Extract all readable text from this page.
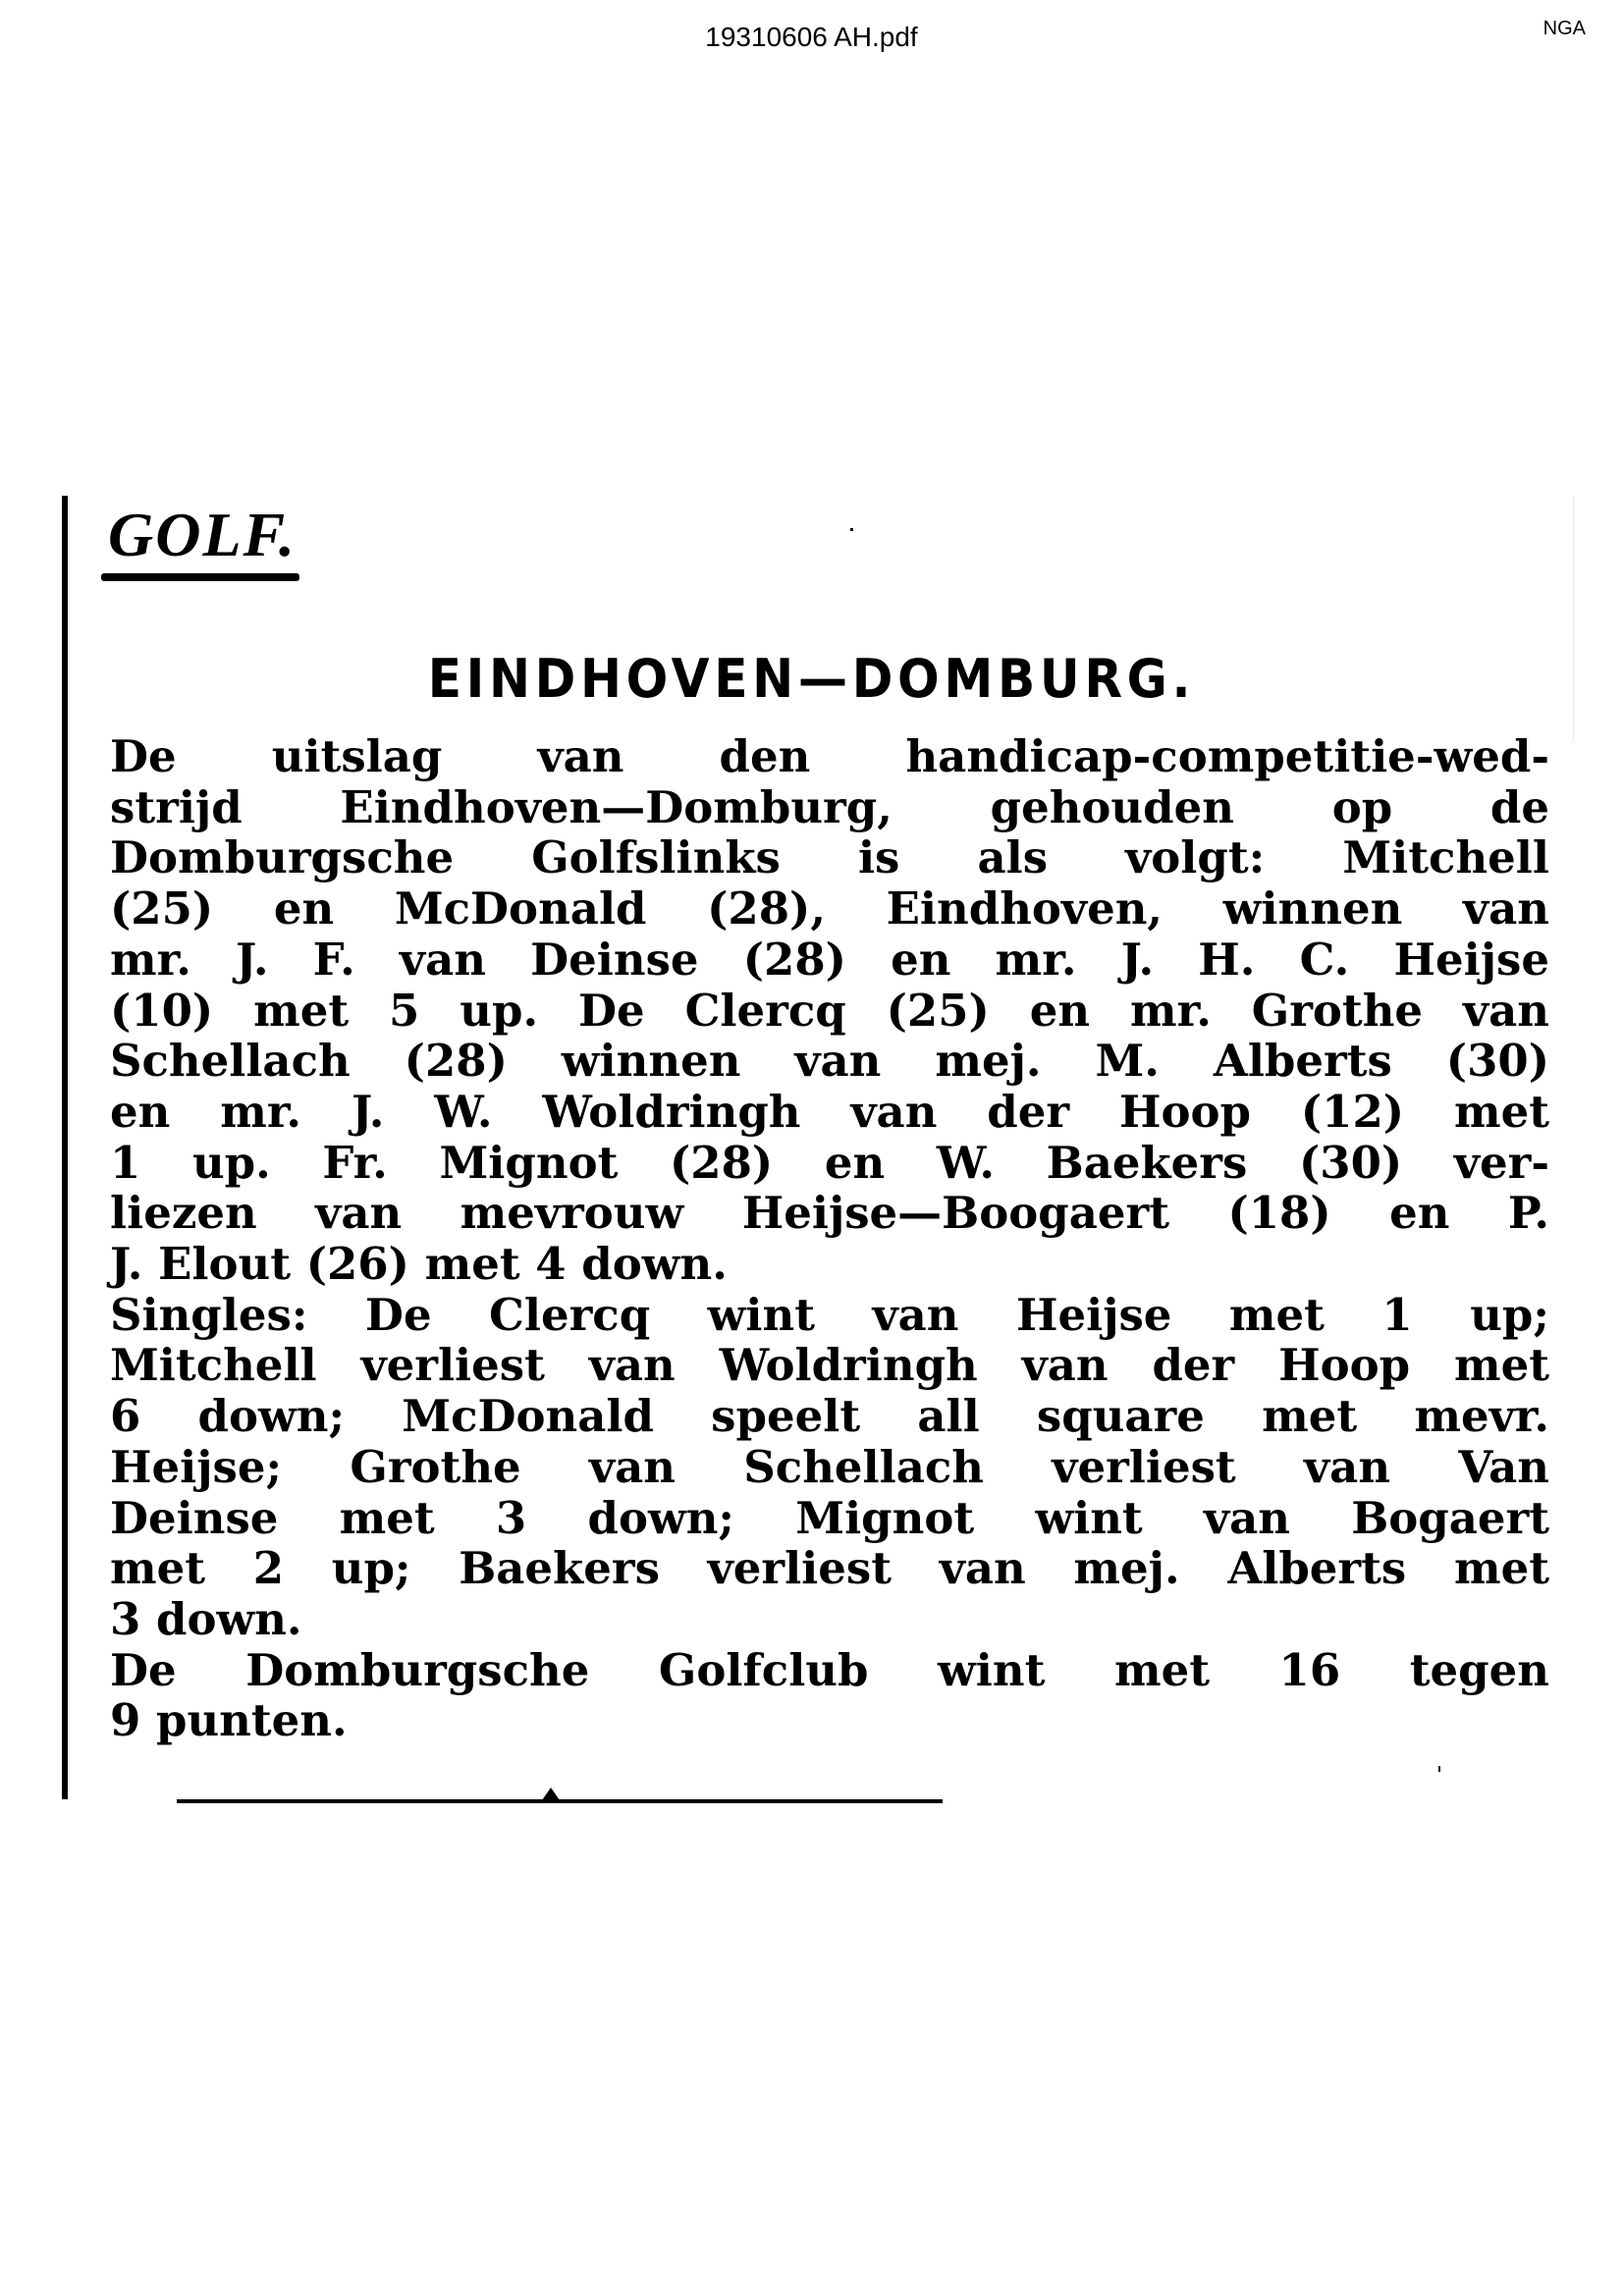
19310606 AH.pdf	NGA
GOLF.
EINDHOVEN—DOMBURG.
De uitslag van den handicap-competitie-wed-
strijd Eindhoven—Domburg, gehouden op de
Domburgsche Golfslinks is als volgt: Mitchell
(25) en McDonald (28), Eindhoven, winnen van
mr. J. F. van Deinse (28) en mr. J. H. C. Heijse
(10) met 5 up. De Clercq (25) en mr. Grothe van
Schellach (28) winnen van mej. M. Alberts (30)
en mr. J. W. Woldringh van der Hoop (12) met
1 up. Fr. Mignot (28) en W. Baekers (30) ver-
liezen van mevrouw Heijse—Boogaert (18) en P.
J. Elout (26) met 4 down.
Singles: De Clercq wint van Heijse met 1 up;
Mitchell verliest van Woldringh van der Hoop met
6 down; McDonald speelt all square met mevr.
Heijse; Grothe van Schellach verliest van Van
Deinse met 3 down; Mignot wint van Bogaert
met 2 up; Baekers verliest van mej. Alberts met
3 down.
De Domburgsche Golfclub wint met 16 tegen
9 punten.
